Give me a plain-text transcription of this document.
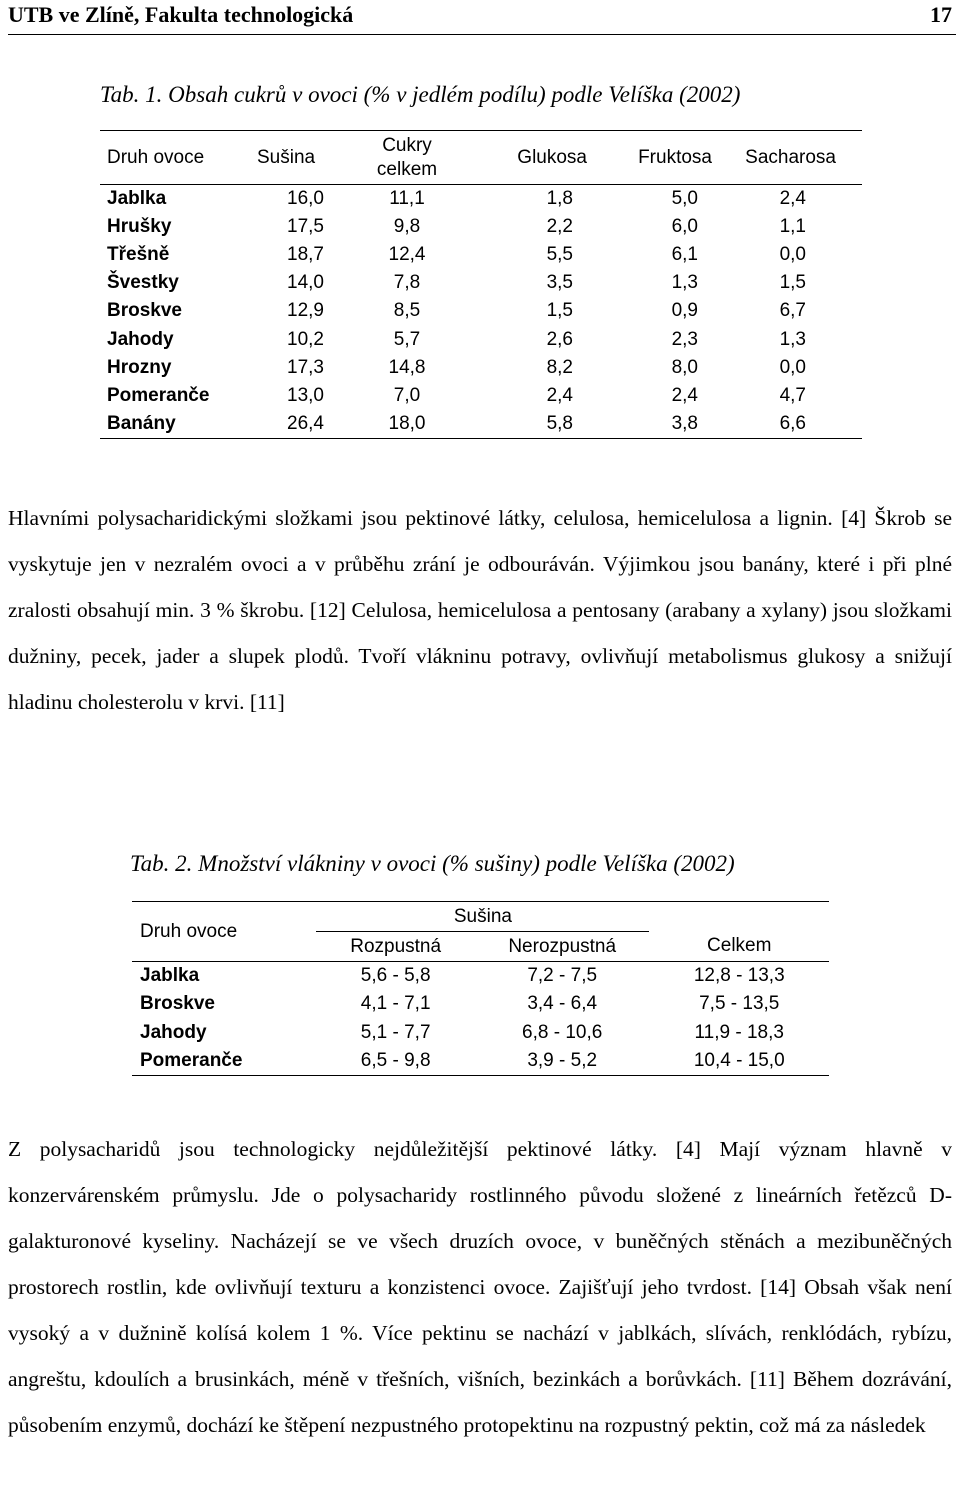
UTB ve Zlíně, Fakulta technologická	17
Tab. 1. Obsah cukrů v ovoci (% v jedlém podílu) podle Velíška (2002)
Druh ovoce	Sušina	Cukry celkem	Glukosa	Fruktosa	Sacharosa
Jablka	16,0	11,1	1,8	5,0	2,4
Hrušky	17,5	9,8	2,2	6,0	1,1
Třešně	18,7	12,4	5,5	6,1	0,0
Švestky	14,0	7,8	3,5	1,3	1,5
Broskve	12,9	8,5	1,5	0,9	6,7
Jahody	10,2	5,7	2,6	2,3	1,3
Hrozny	17,3	14,8	8,2	8,0	0,0
Pomeranče	13,0	7,0	2,4	2,4	4,7
Banány	26,4	18,0	5,8	3,8	6,6

Hlavními polysacharidickými složkami jsou pektinové látky, celulosa, hemicelulosa a lignin. [4] Škrob se vyskytuje jen v nezralém ovoci a v průběhu zrání je odbouráván. Výjimkou jsou banány, které i při plné zralosti obsahují min. 3 % škrobu. [12] Celulosa, hemicelulosa a pentosany (arabany a xylany) jsou složkami dužniny, pecek, jader a slupek plodů. Tvoří vlákninu potravy, ovlivňují metabolismus glukosy a snižují hladinu cholesterolu v krvi. [11]

Tab. 2. Množství vlákniny v ovoci (% sušiny) podle Velíška (2002)
Druh ovoce	Sušina		
	Rozpustná	Nerozpustná	Celkem
Jablka	5,6 - 5,8	7,2 - 7,5	12,8 - 13,3
Broskve	4,1 - 7,1	3,4 - 6,4	7,5 - 13,5
Jahody	5,1 - 7,7	6,8 - 10,6	11,9 - 18,3
Pomeranče	6,5 - 9,8	3,9 - 5,2	10,4 - 15,0

Z polysacharidů jsou technologicky nejdůležitější pektinové látky. [4] Mají význam hlavně v konzervárenském průmyslu. Jde o polysacharidy rostlinného původu složené z lineárních řetězců D-galakturonové kyseliny. Nacházejí se ve všech druzích ovoce, v buněčných stěnách a mezibuněčných prostorech rostlin, kde ovlivňují texturu a konzistenci ovoce. Zajišťují jeho tvrdost. [14] Obsah však není vysoký a v dužnině kolísá kolem 1 %. Více pektinu se nachází v jablkách, slívách, renklódách, rybízu, angreštu, kdoulích a brusinkách, méně v třešních, višních, bezinkách a borůvkách. [11] Během dozrávání, působením enzymů, dochází ke štěpení nezpustného protopektinu na rozpustný pektin, což má za následek
